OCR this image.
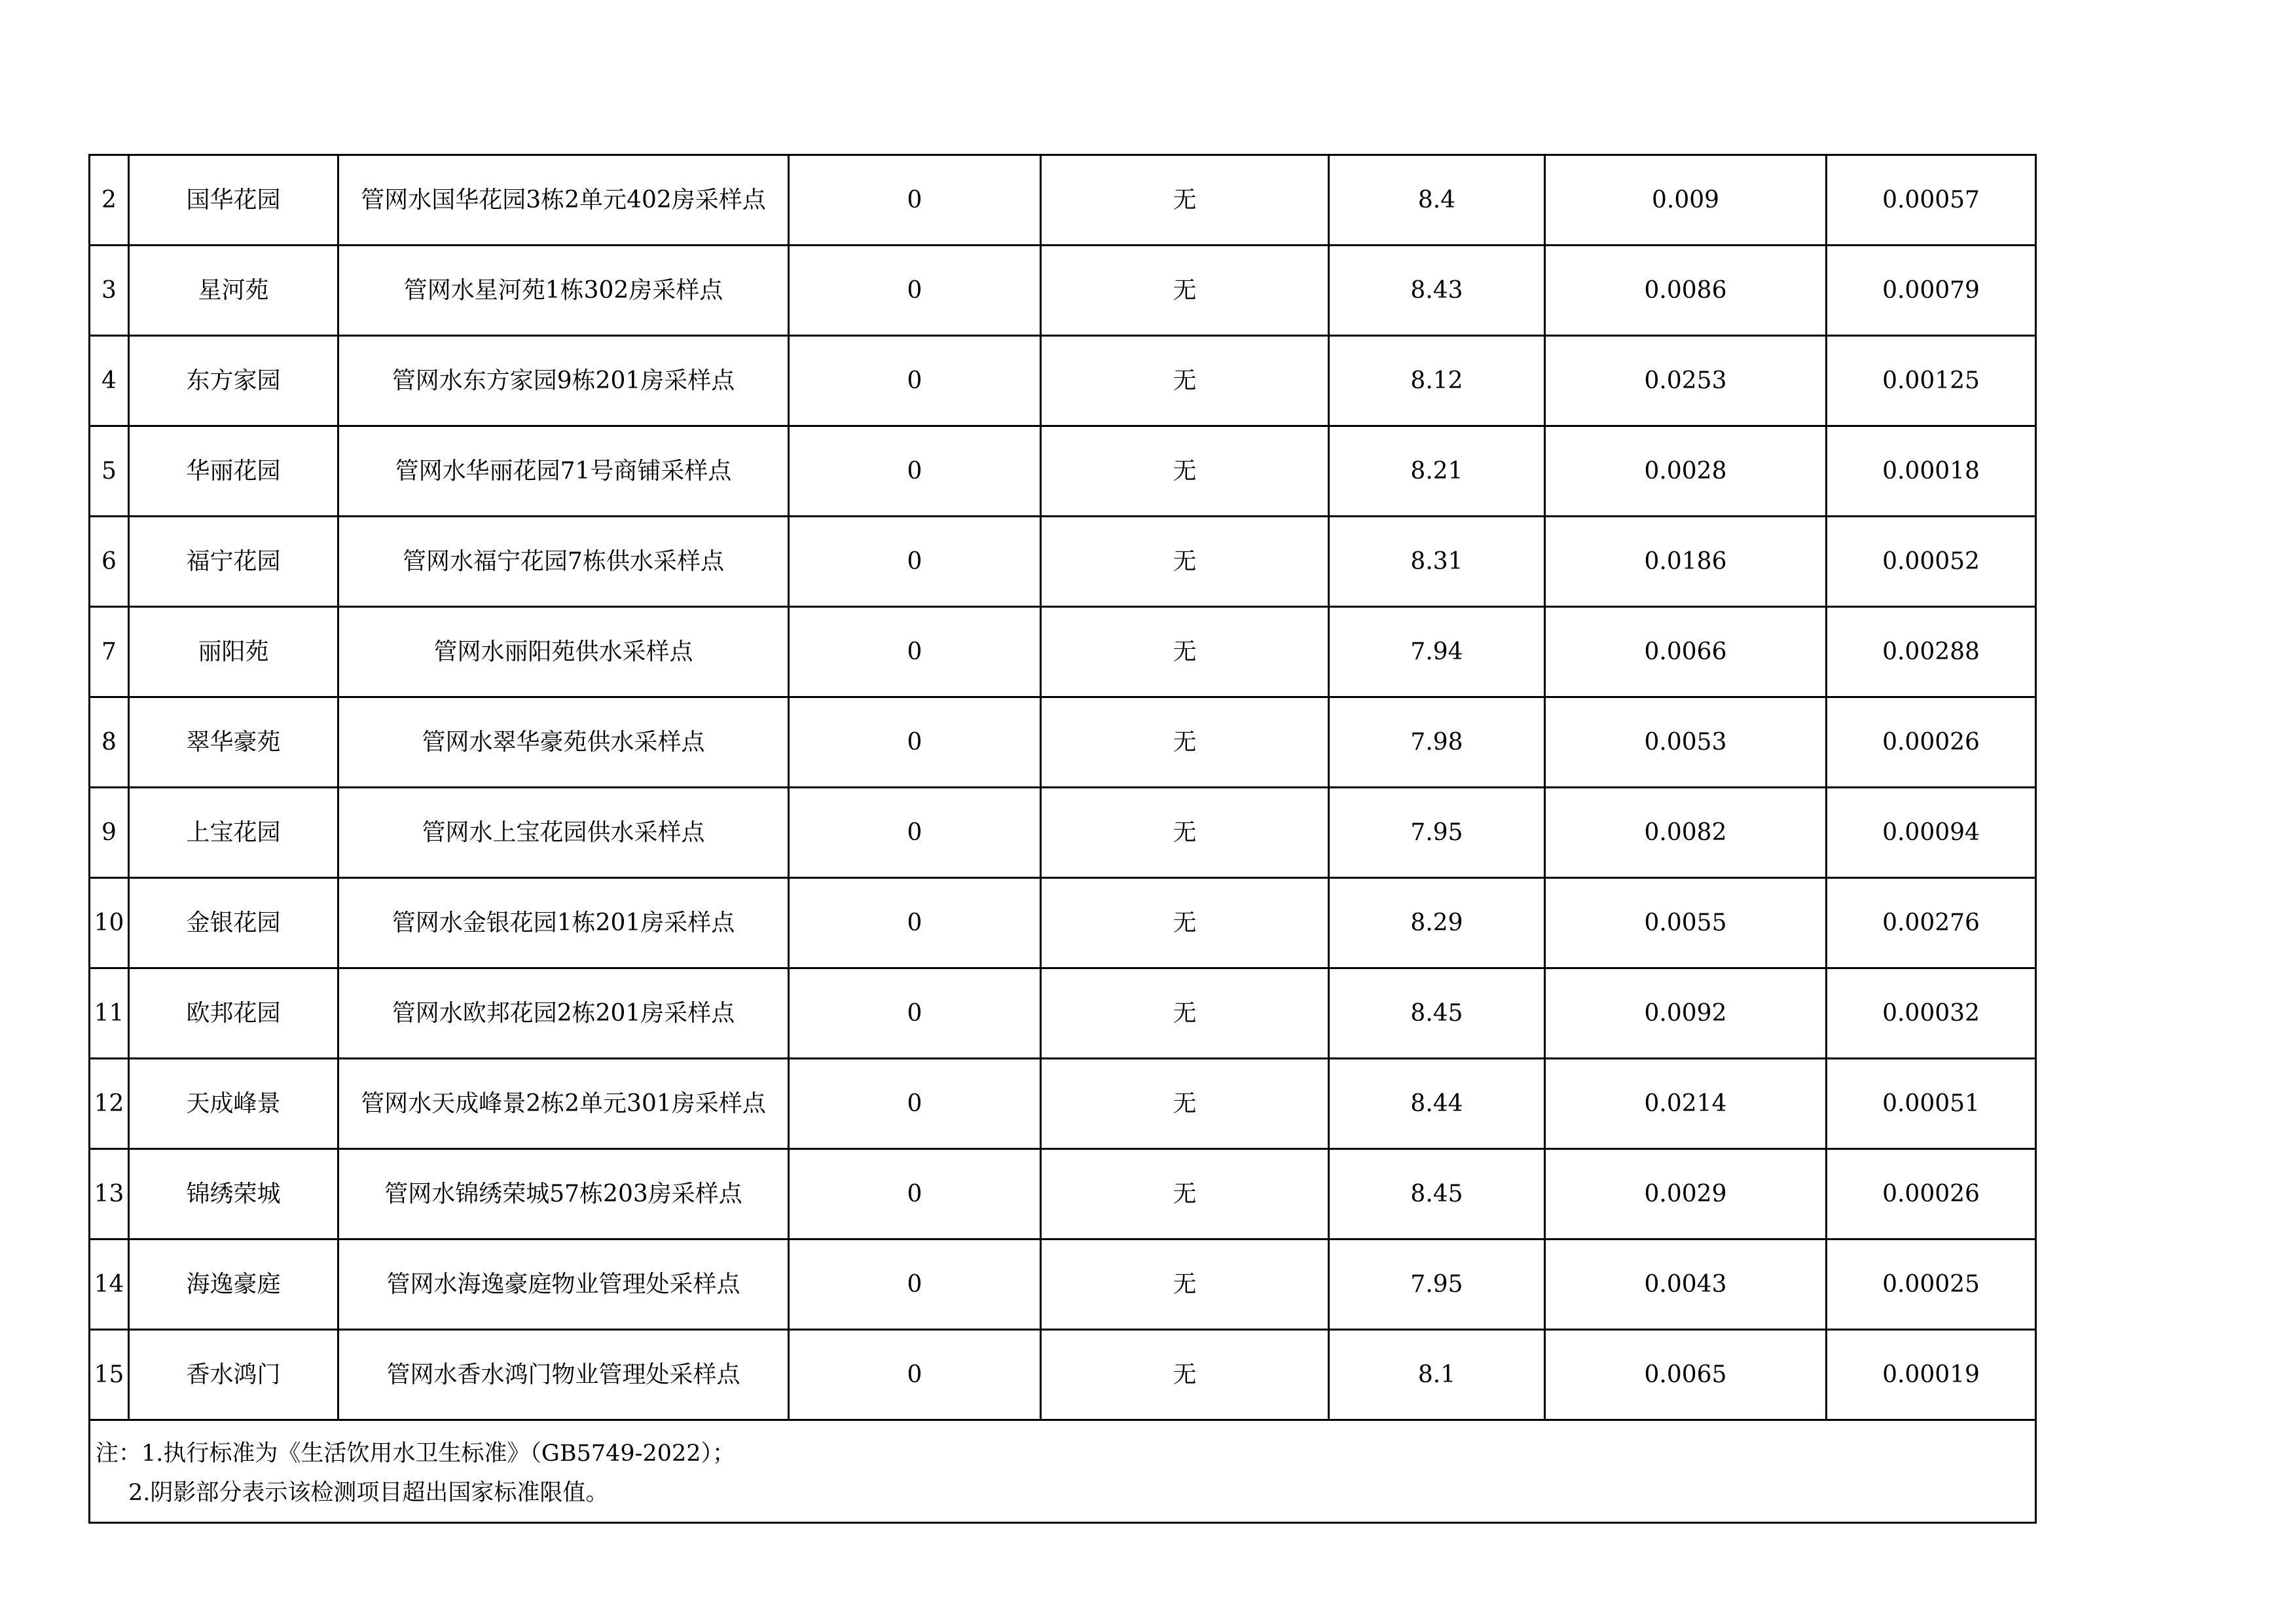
2	国华花园	管网水国华花园3栋2单元402房采样点	0	无	8.4	0.009	0.00057
3	星河苑	管网水星河苑1栋302房采样点	0	无	8.43	0.0086	0.00079
4	东方家园	管网水东方家园9栋201房采样点	0	无	8.12	0.0253	0.00125
5	华丽花园	管网水华丽花园71号商铺采样点	0	无	8.21	0.0028	0.00018
6	福宁花园	管网水福宁花园7栋供水采样点	0	无	8.31	0.0186	0.00052
7	丽阳苑	管网水丽阳苑供水采样点	0	无	7.94	0.0066	0.00288
8	翠华豪苑	管网水翠华豪苑供水采样点	0	无	7.98	0.0053	0.00026
9	上宝花园	管网水上宝花园供水采样点	0	无	7.95	0.0082	0.00094
10	金银花园	管网水金银花园1栋201房采样点	0	无	8.29	0.0055	0.00276
11	欧邦花园	管网水欧邦花园2栋201房采样点	0	无	8.45	0.0092	0.00032
12	天成峰景	管网水天成峰景2栋2单元301房采样点	0	无	8.44	0.0214	0.00051
13	锦绣荣城	管网水锦绣荣城57栋203房采样点	0	无	8.45	0.0029	0.00026
14	海逸豪庭	管网水海逸豪庭物业管理处采样点	0	无	7.95	0.0043	0.00025
15	香水鸿门	管网水香水鸿门物业管理处采样点	0	无	8.1	0.0065	0.00019

注：1.执行标准为《生活饮用水卫生标准》（GB5749-2022）；
2.阴影部分表示该检测项目超出国家标准限值。							
